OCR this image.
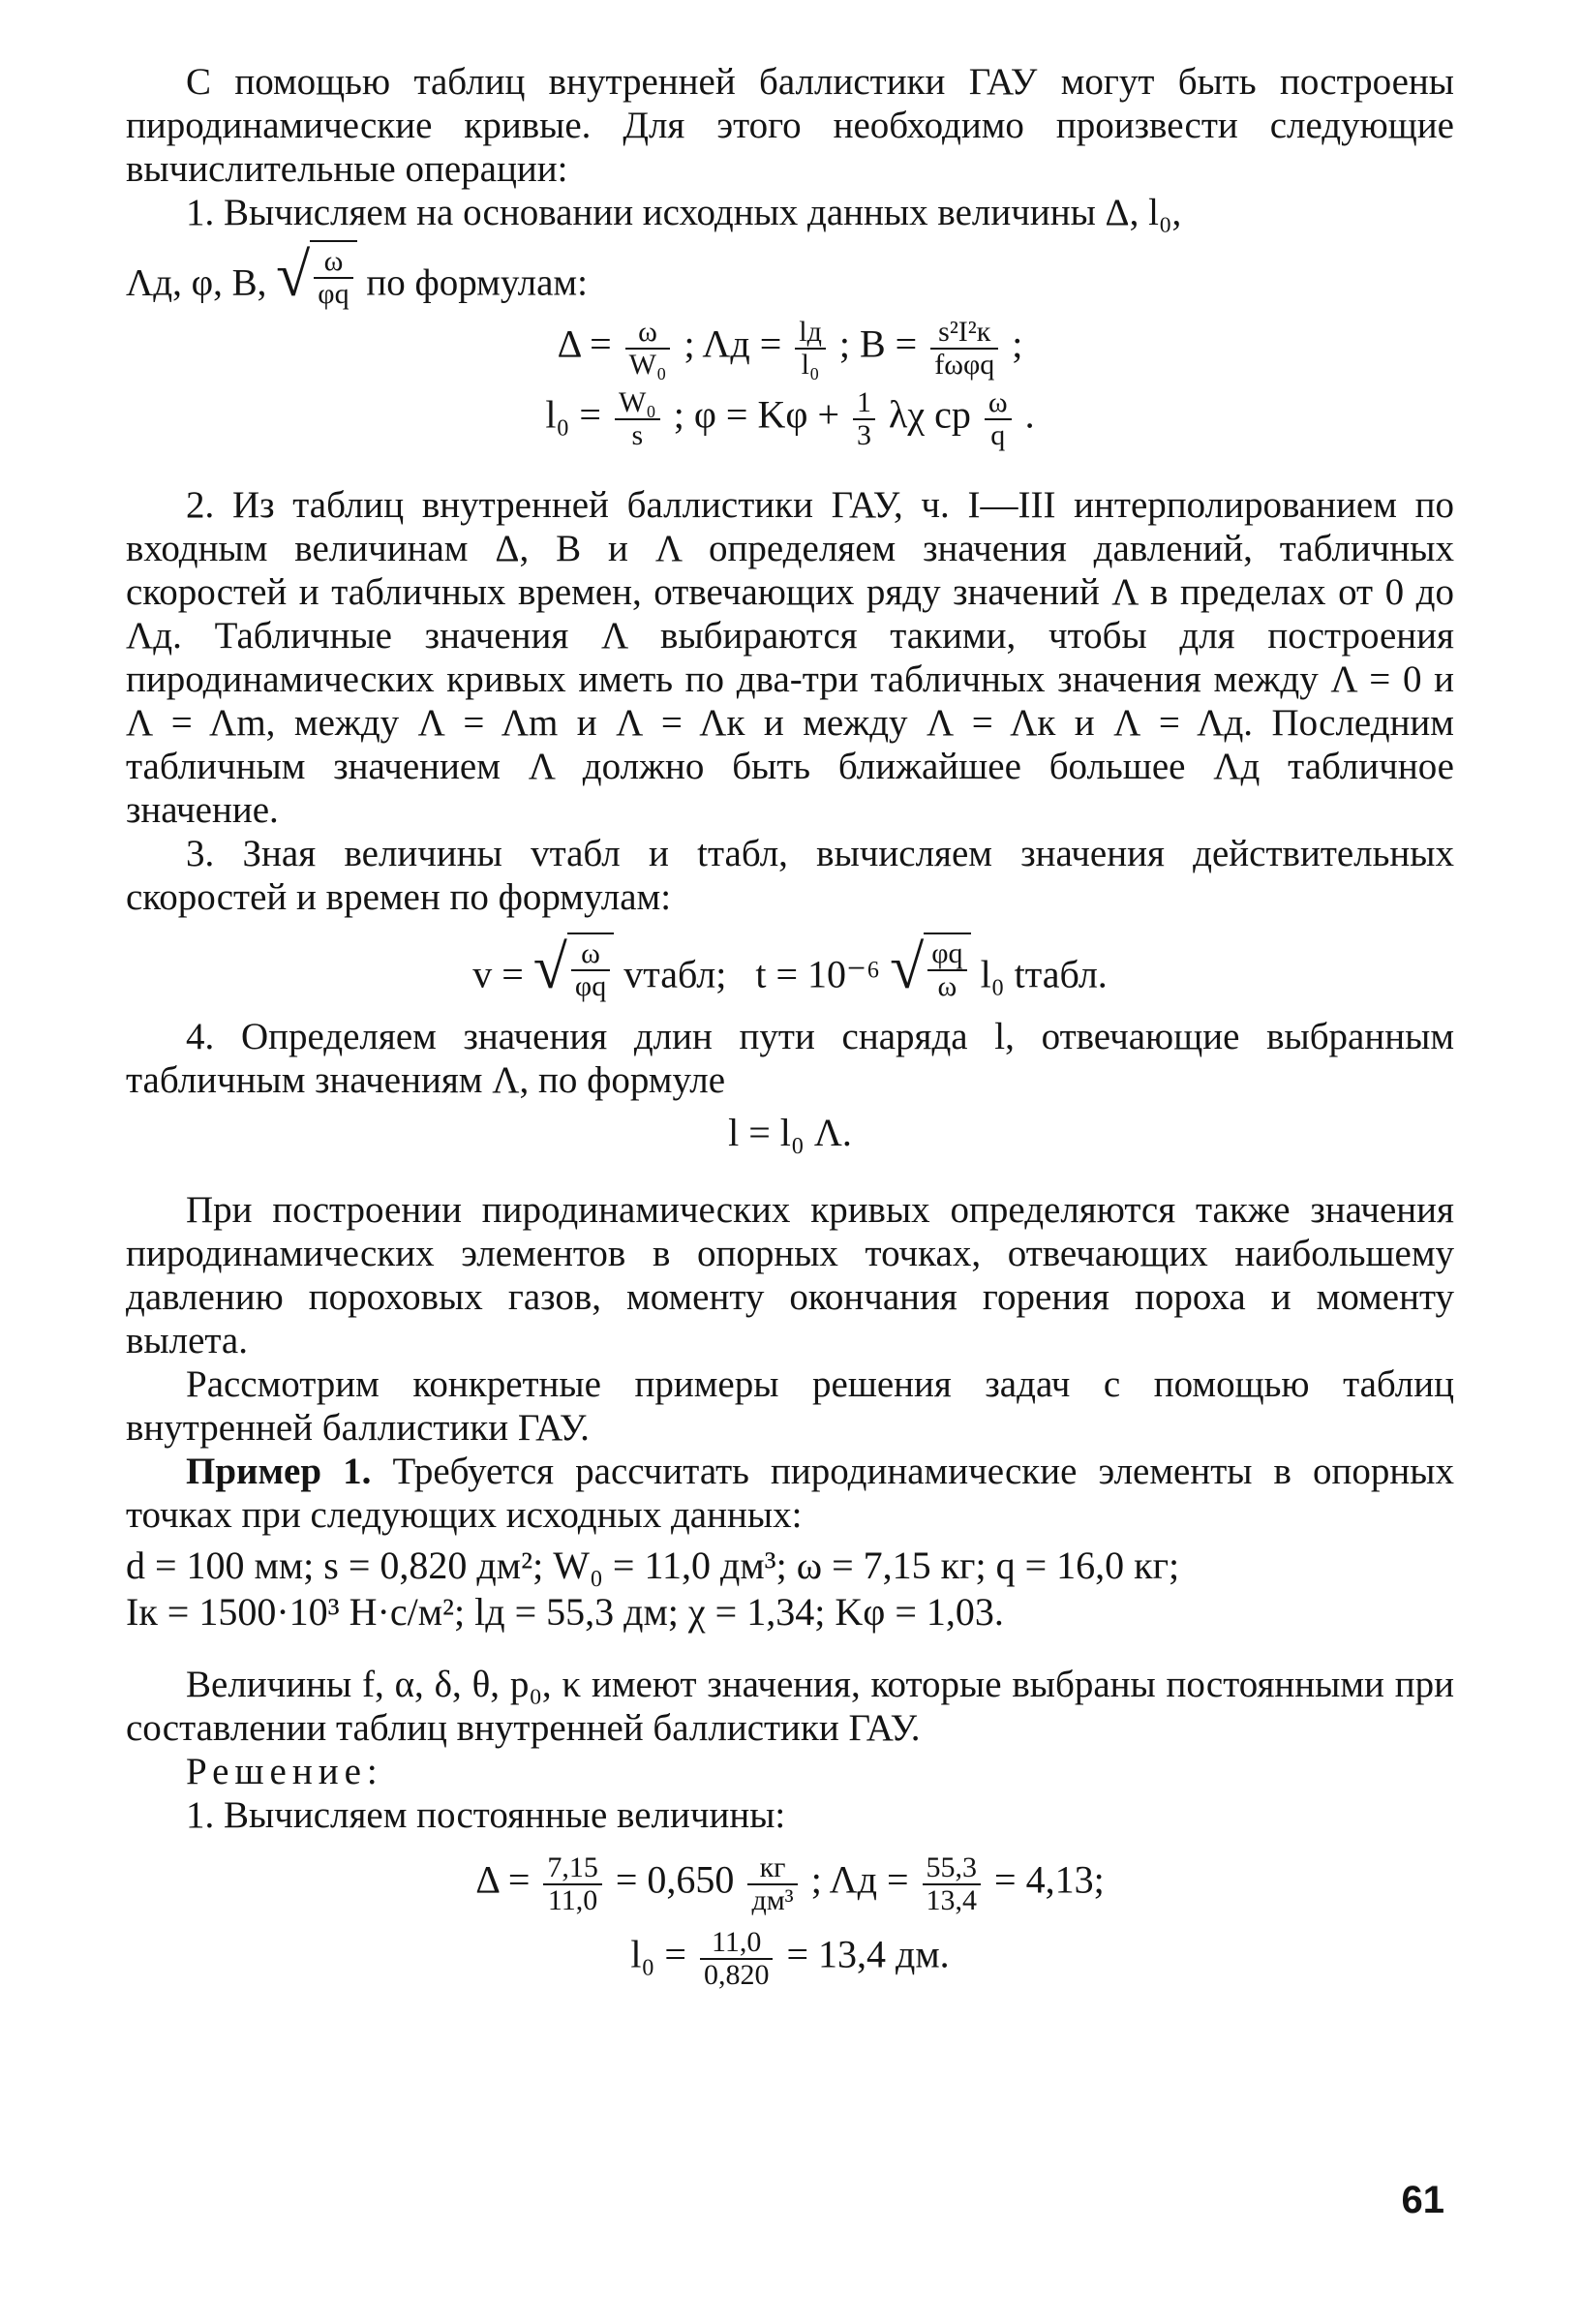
С помощью таблиц внутренней баллистики ГАУ могут быть построены пиродинамические кривые. Для этого необходимо произвести следующие вычислительные операции:

1. Вычисляем на основании исходных данных величины Δ, l₀,

Λд, φ, B, √ $\frac{\omega}{\varphi q}$ по формулам:
$\Delta = \frac{\omega}{\text{W₀}}$ ; $\Lambda д = \frac{lд}{\text{l₀}}$ ; $B = \frac{\text{s²I²к}}{\text{fωφq}}$ ;
$l_0 = \frac{\text{W₀}}{s}$ ; $\varphi = K\varphi + \frac{1}{3}$ λχ ср $\frac{\omega}{q}$ .

2. Из таблиц внутренней баллистики ГАУ, ч. I—III интерполированием по входным величинам Δ, B и Λ определяем значения давлений, табличных скоростей и табличных времен, отвечающих ряду значений Λ в пределах от 0 до Λд. Табличные значения Λ выбираются такими, чтобы для построения пиродинамических кривых иметь по два-три табличных значения между Λ = 0 и Λ = Λm, между Λ = Λm и Λ = Λк и между Λ = Λк и Λ = Λд. Последним табличным значением Λ должно быть ближайшее большее Λд табличное значение.

3. Зная величины vтабл и tтабл, вычисляем значения действительных скоростей и времен по формулам:

v = √ $\frac{\omega}{\varphi q}$ vтабл; t = 10⁻⁶ √ $\frac{\varphi q}{\omega} l_0$ tтабл.

4. Определяем значения длин пути снаряда l, отвечающие выбранным табличным значениям Λ, по формуле

l = l₀ Λ.

При построении пиродинамических кривых определяются также значения пиродинамических элементов в опорных точках, отвечающих наибольшему давлению пороховых газов, моменту окончания горения пороха и моменту вылета.

Рассмотрим конкретные примеры решения задач с помощью таблиц внутренней баллистики ГАУ.

Пример 1. Требуется рассчитать пиродинамические элементы в опорных точках при следующих исходных данных:

d = 100 мм; s = 0,820 дм²; W₀ = 11,0 дм³; ω = 7,15 кг; q = 16,0 кг;
Iк = 1500·10³ Н·с/м²; lд = 55,3 дм; χ = 1,34; Kφ = 1,03.

Величины f, α, δ, θ, p₀, κ имеют значения, которые выбраны постоянными при составлении таблиц внутренней баллистики ГАУ.

Решение:

1. Вычисляем постоянные величины:

$\Delta = \frac{7,15}{11,0} = 0,650 \frac{кг}{\text{дм³}}$ ; $\Lambda д = \frac{55,3}{13,4} = 4,13$;
$l_0 = \frac{11,0}{0,820} = 13,4$ дм.
61
